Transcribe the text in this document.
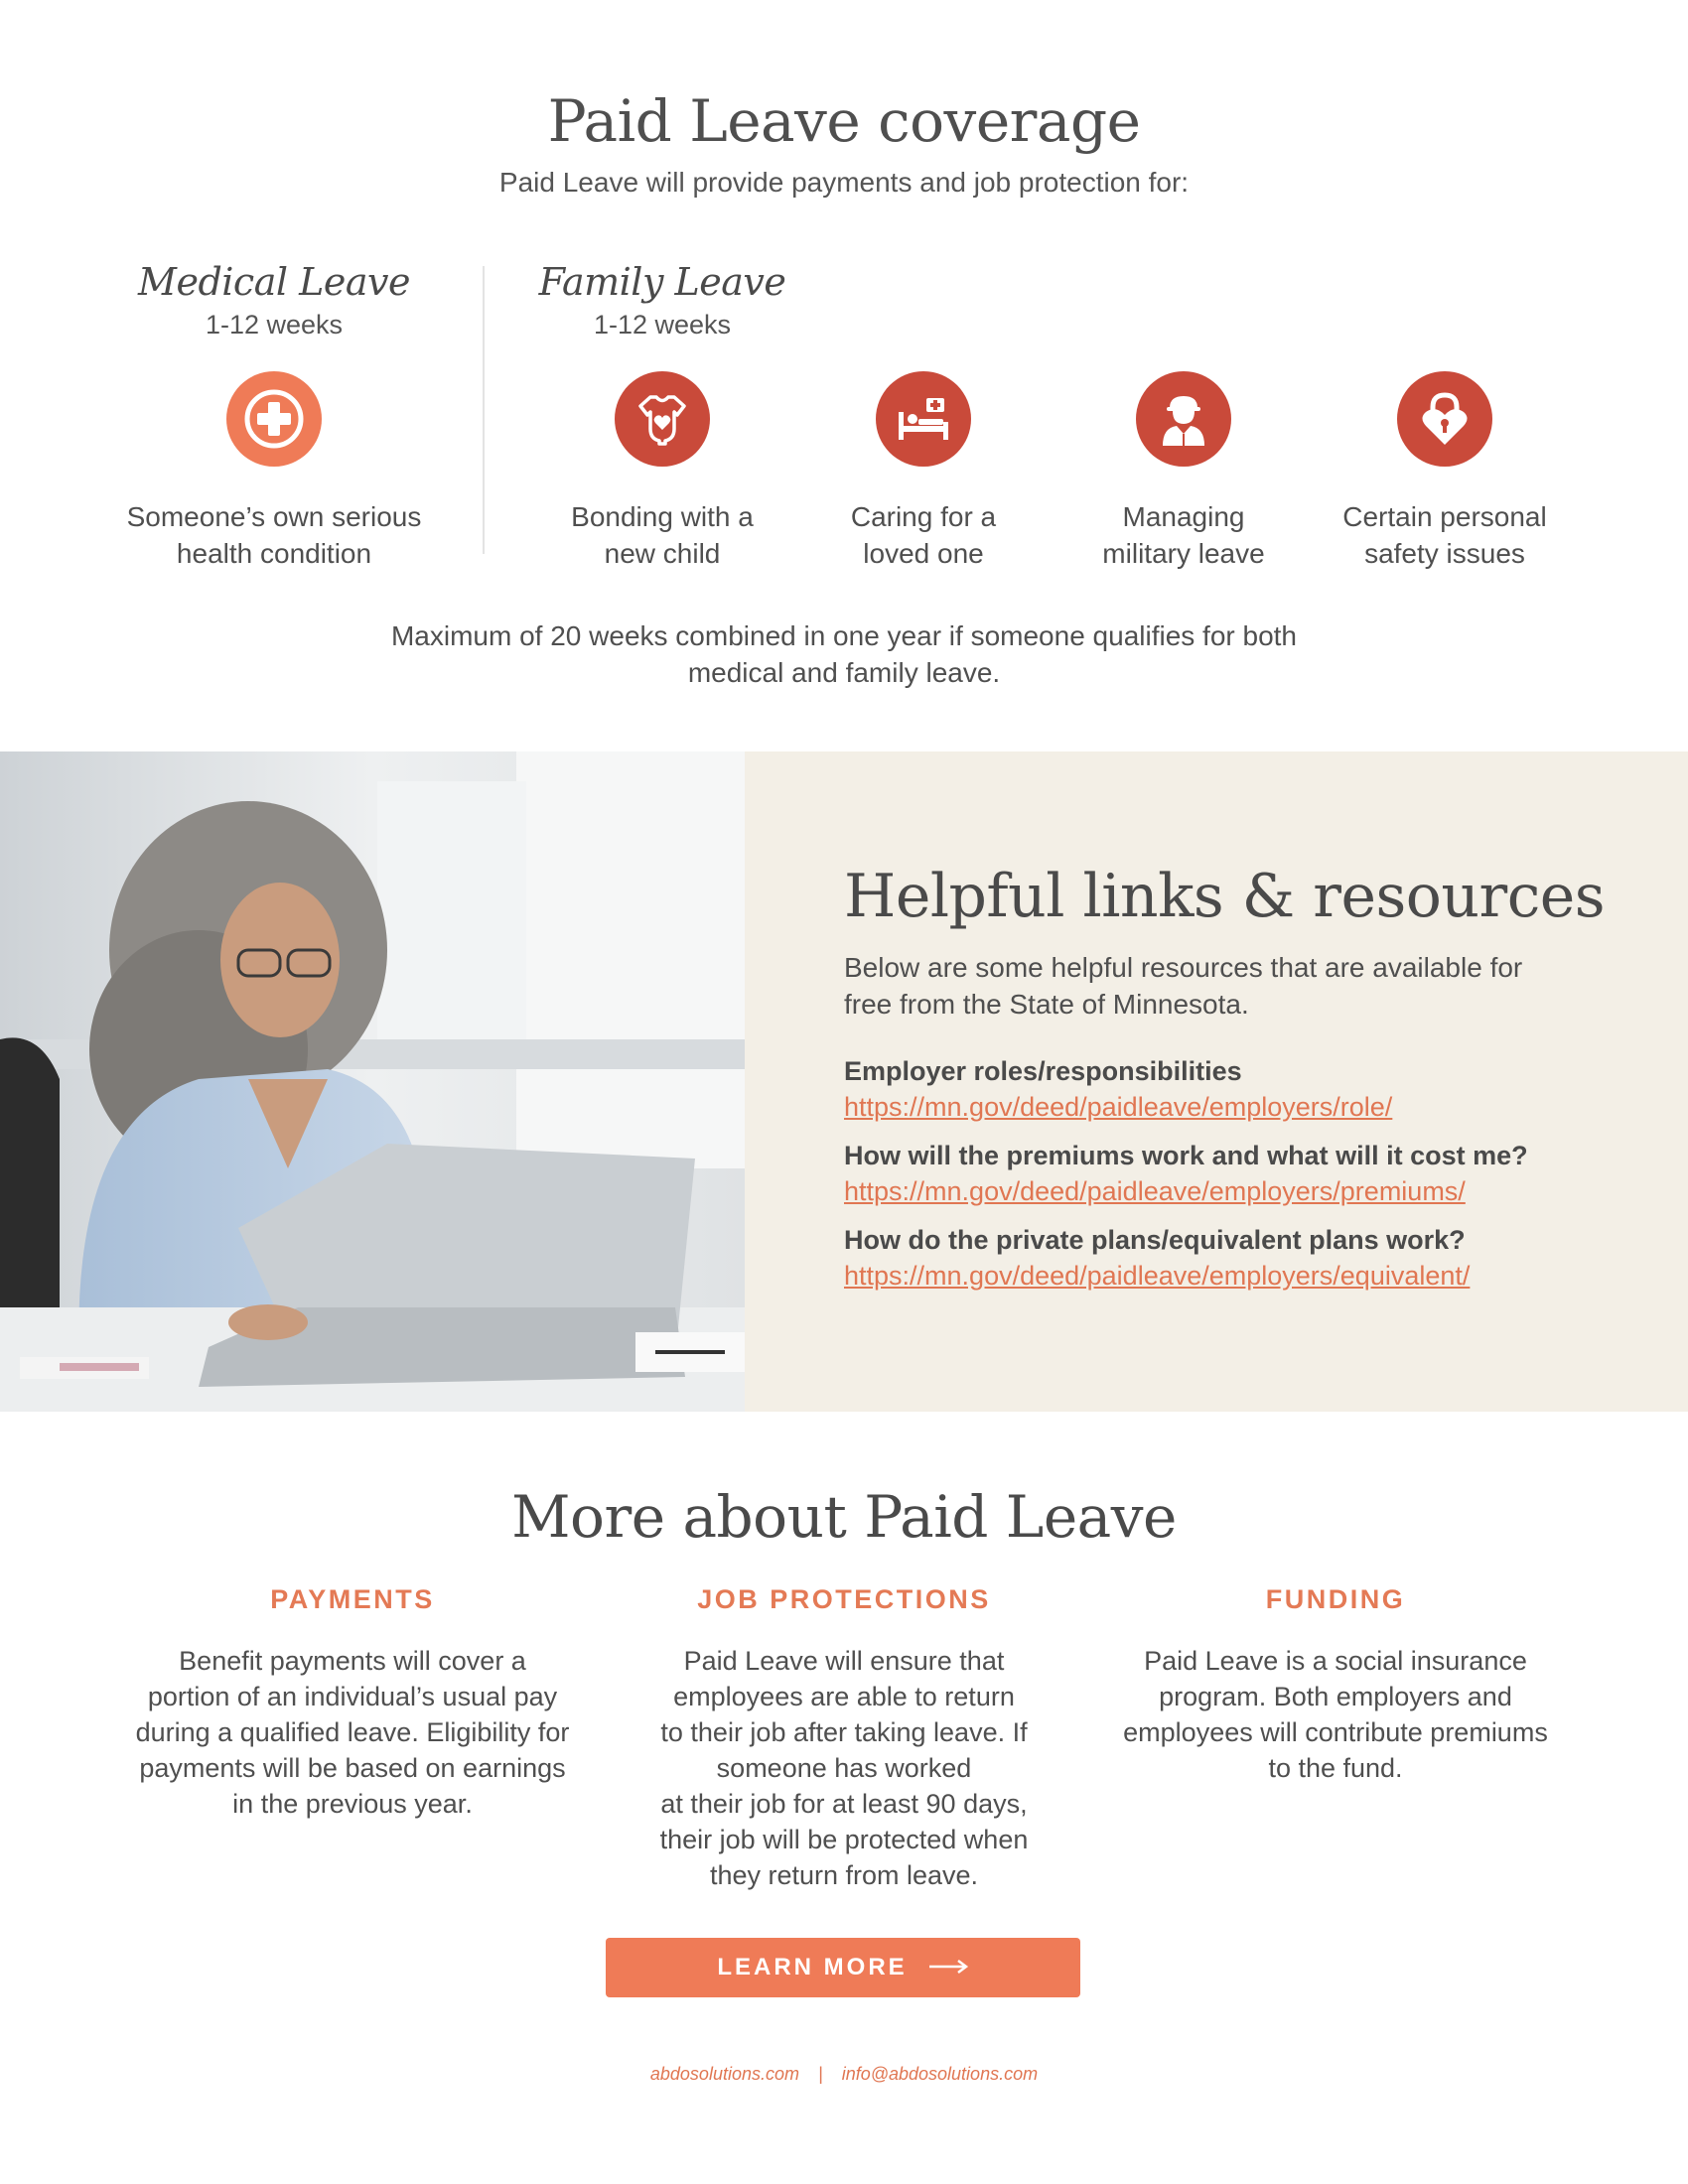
Paid Leave coverage
Paid Leave will provide payments and job protection for:
Medical Leave
1-12 weeks
Family Leave
1-12 weeks
Someone’s own serious
health condition
Bonding with a
new child
Caring for a
loved one
Managing
military leave
Certain personal
safety issues
Maximum of 20 weeks combined in one year if someone qualifies for both
medical and family leave.
Helpful links & resources
Below are some helpful resources that are available for
free from the State of Minnesota.
Employer roles/responsibilities
https://mn.gov/deed/paidleave/employers/role/
How will the premiums work and what will it cost me?
https://mn.gov/deed/paidleave/employers/premiums/
How do the private plans/equivalent plans work?
https://mn.gov/deed/paidleave/employers/equivalent/
More about Paid Leave
PAYMENTS
Benefit payments will cover a
portion of an individual’s usual pay
during a qualified leave. Eligibility for
payments will be based on earnings
in the previous year.
JOB PROTECTIONS
Paid Leave will ensure that
employees are able to return
to their job after taking leave. If
someone has worked
at their job for at least 90 days,
their job will be protected when
they return from leave.
FUNDING
Paid Leave is a social insurance
program. Both employers and
employees will contribute premiums
to the fund.
LEARN MORE
abdosolutions.com | info@abdosolutions.com
